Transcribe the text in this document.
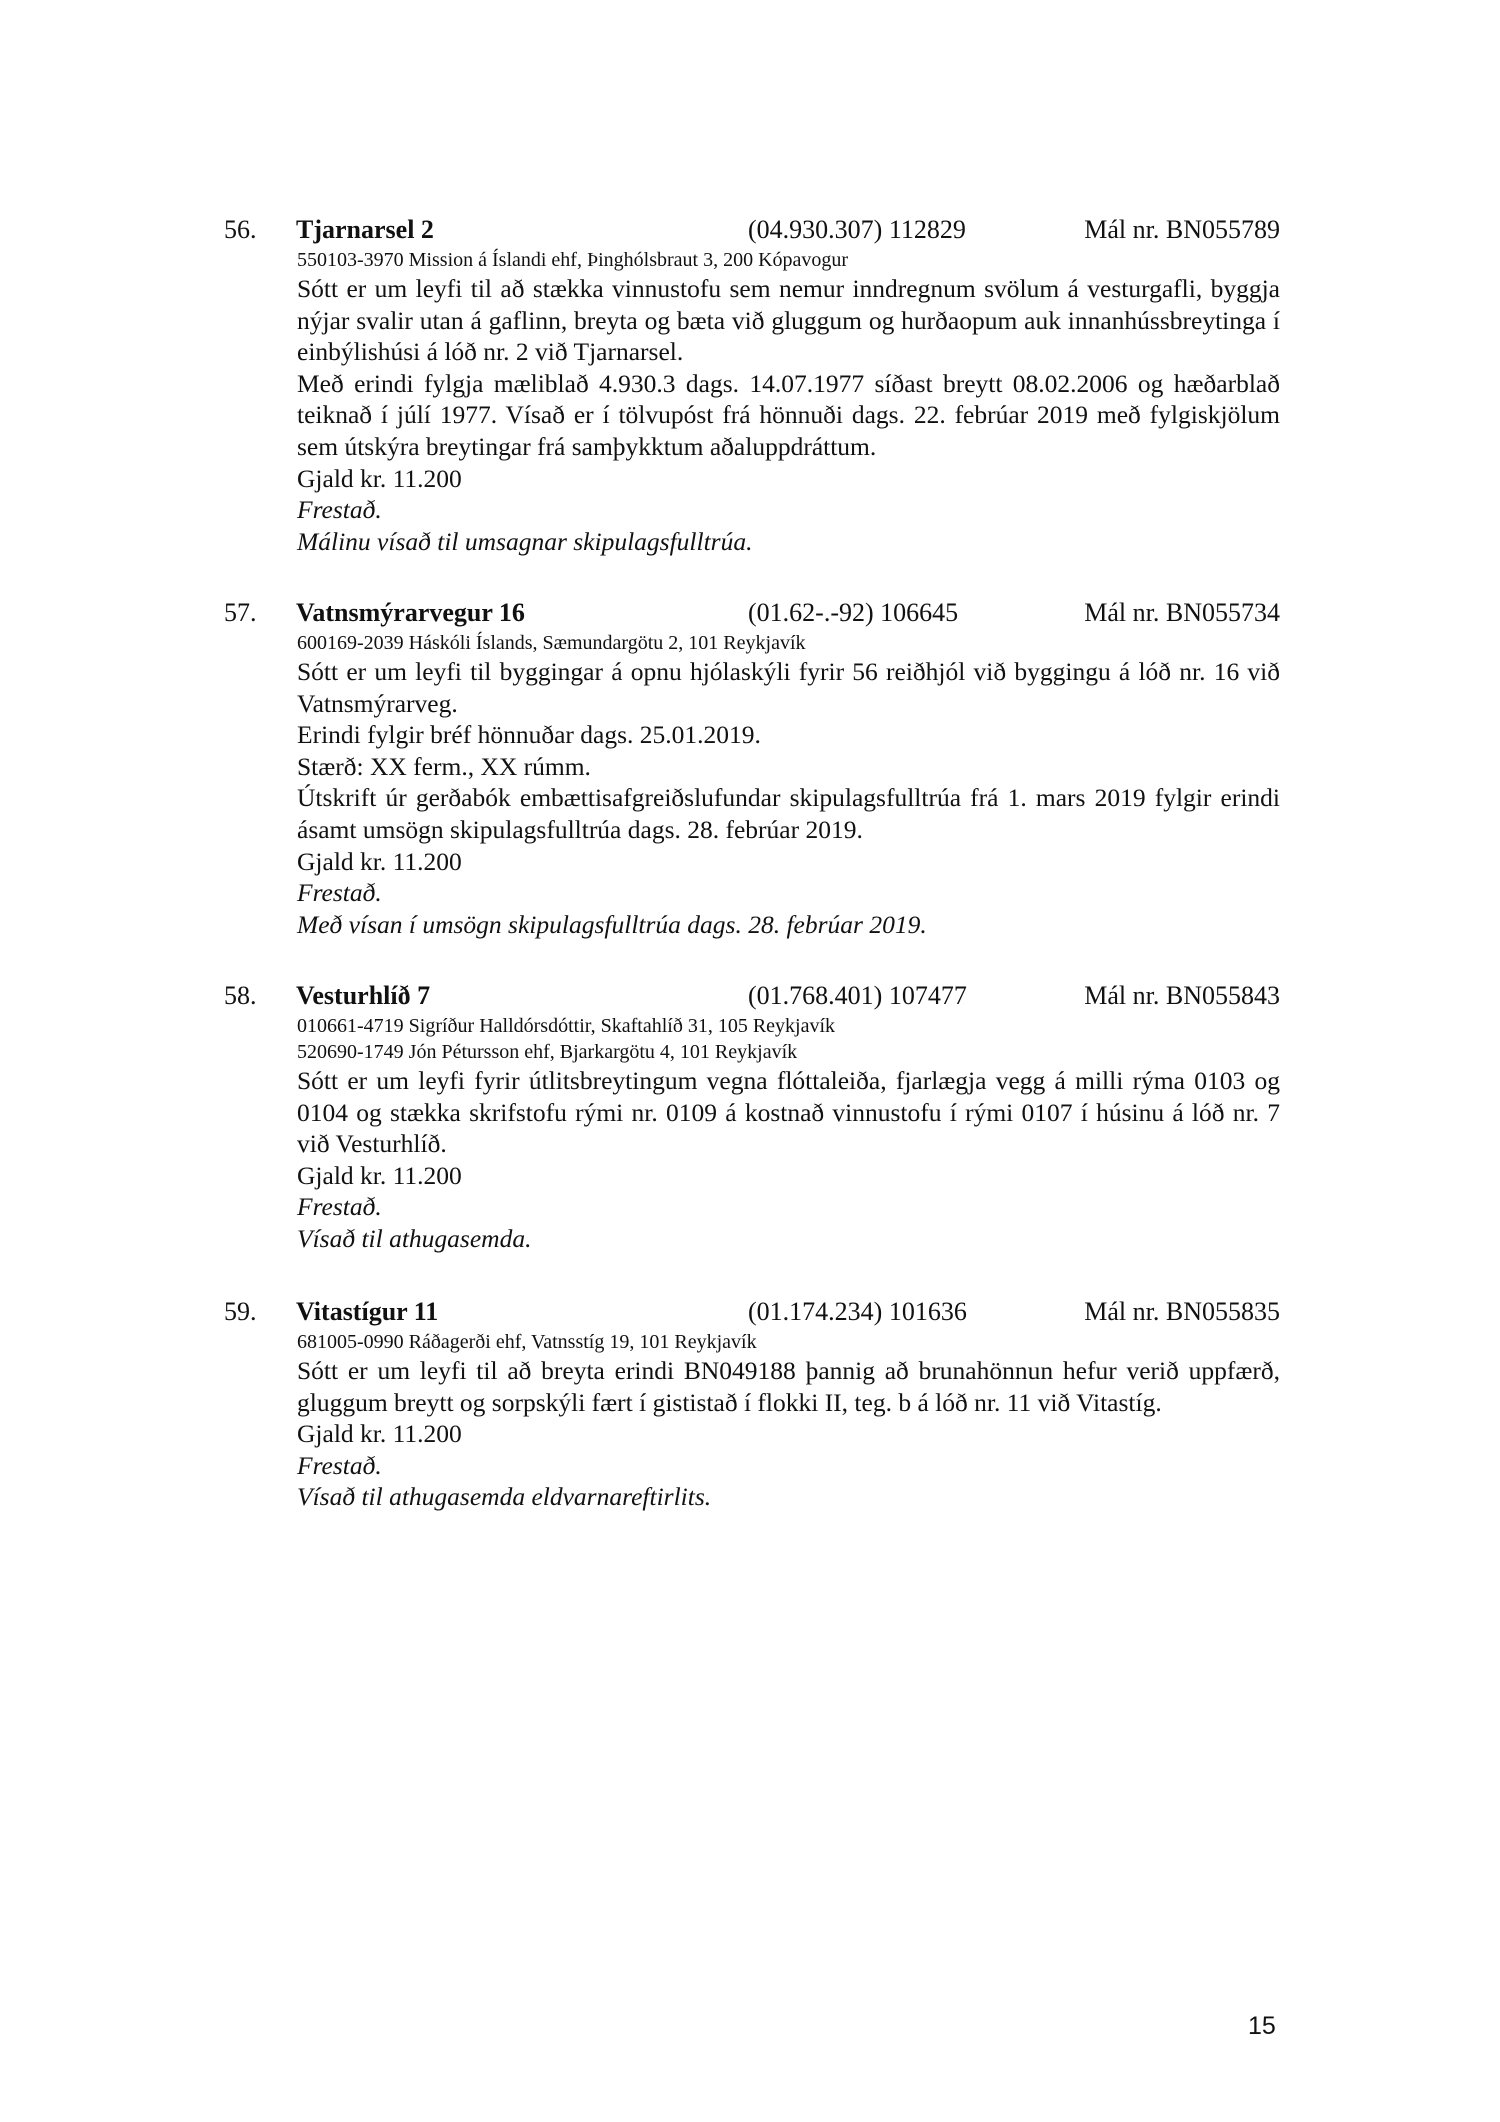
56. Tjarnarsel 2	(04.930.307) 112829	Mál nr. BN055789
550103-3970 Mission á Íslandi ehf, Þinghólsbraut 3, 200 Kópavogur
Sótt er um leyfi til að stækka vinnustofu sem nemur inndregnum svölum á vesturgafli, byggja nýjar svalir utan á gaflinn, breyta og bæta við gluggum og hurðaopum auk innanhússbreytinga í einbýlishúsi á lóð nr. 2 við Tjarnarsel.
Með erindi fylgja mæliblað 4.930.3 dags. 14.07.1977 síðast breytt 08.02.2006 og hæðarblað teiknað í júlí 1977. Vísað er í tölvupóst frá hönnuði dags. 22. febrúar 2019 með fylgiskjölum sem útskýra breytingar frá samþykktum aðaluppdráttum.
Gjald kr. 11.200
Frestað.
Málinu vísað til umsagnar skipulagsfulltrúa.
57. Vatnsmýrarvegur 16	(01.62-.-92) 106645	Mál nr. BN055734
600169-2039 Háskóli Íslands, Sæmundargötu 2, 101 Reykjavík
Sótt er um leyfi til byggingar á opnu hjólaskýli fyrir 56 reiðhjól við byggingu á lóð nr. 16 við Vatnsmýrarveg.
Erindi fylgir bréf hönnuðar dags. 25.01.2019.
Stærð: XX ferm., XX rúmm.
Útskrift úr gerðabók embættisafgreiðslufundar skipulagsfulltrúa frá 1. mars 2019 fylgir erindi ásamt umsögn skipulagsfulltrúa dags. 28. febrúar 2019.
Gjald kr. 11.200
Frestað.
Með vísan í umsögn skipulagsfulltrúa dags. 28. febrúar 2019.
58. Vesturhlíð 7	(01.768.401) 107477	Mál nr. BN055843
010661-4719 Sigríður Halldórsdóttir, Skaftahlíð 31, 105 Reykjavík
520690-1749 Jón Pétursson ehf, Bjarkargötu 4, 101 Reykjavík
Sótt er um leyfi fyrir útlitsbreytingum vegna flóttaleiða, fjarlægja vegg á milli rýma 0103 og 0104 og stækka skrifstofu rými nr. 0109 á kostnað vinnustofu í rými 0107 í húsinu á lóð nr. 7 við Vesturhlíð.
Gjald kr. 11.200
Frestað.
Vísað til athugasemda.
59. Vitastígur 11	(01.174.234) 101636	Mál nr. BN055835
681005-0990 Ráðagerði ehf, Vatnsstíg 19, 101 Reykjavík
Sótt er um leyfi til að breyta erindi BN049188 þannig að brunahönnun hefur verið uppfærð, gluggum breytt og sorpskýli fært í gististað í flokki II, teg. b á lóð nr. 11 við Vitastíg.
Gjald kr. 11.200
Frestað.
Vísað til athugasemda eldvarnareftirlits.
15
